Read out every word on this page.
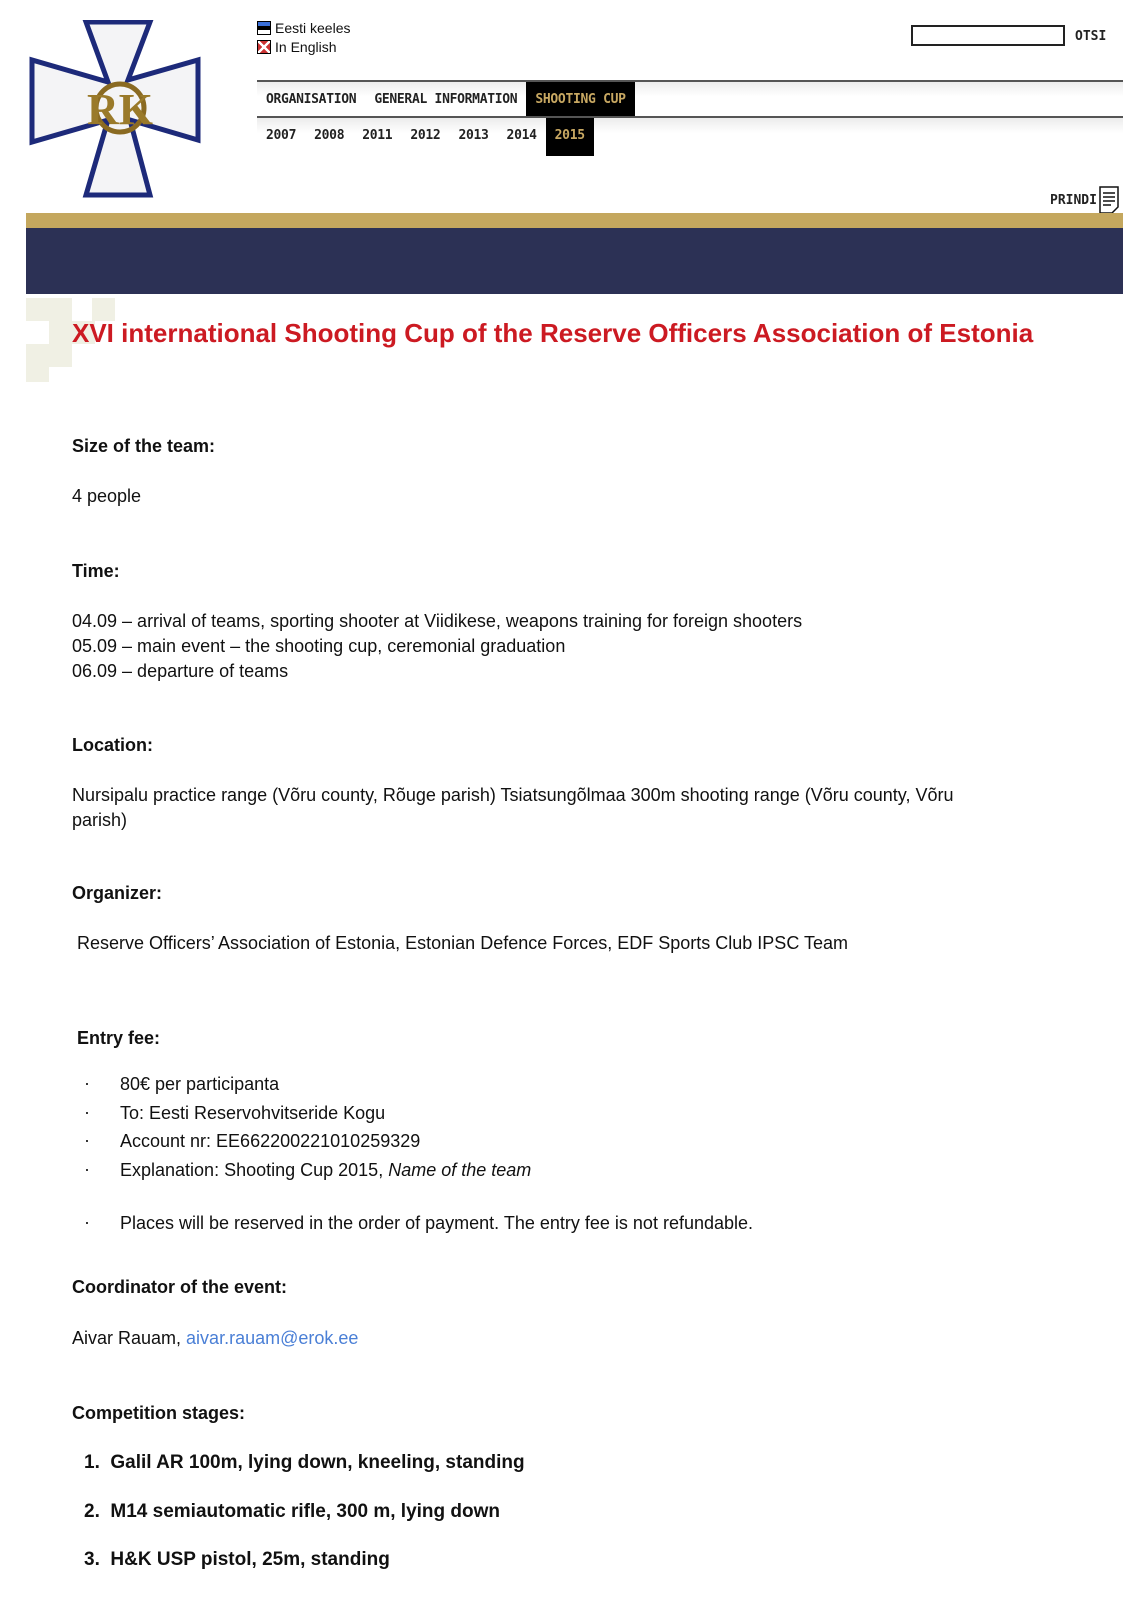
RK
Eesti keeles
In English
OTSI
ORGANISATION	GENERAL INFORMATION	SHOOTING CUP
2007	2008	2011	2012	2013	2014	2015
PRINDI
XVI international Shooting Cup of the Reserve Officers Association of Estonia
Size of the team:
4 people
Time:
04.09 – arrival of teams, sporting shooter at Viidikese, weapons training for foreign shooters
05.09 – main event – the shooting cup, ceremonial graduation
06.09 – departure of teams
Location:
Nursipalu practice range (Võru county, Rõuge parish) Tsiatsungõlmaa 300m shooting range (Võru county, Võru
parish)
Organizer:
Reserve Officers’ Association of Estonia, Estonian Defence Forces, EDF Sports Club IPSC Team
Entry fee:
· 80€ per participanta
· To: Eesti Reservohvitseride Kogu
· Account nr: EE662200221010259329
· Explanation: Shooting Cup 2015, Name of the team
· Places will be reserved in the order of payment. The entry fee is not refundable.
Coordinator of the event:
Aivar Rauam, aivar.rauam@erok.ee
Competition stages:
1.  Galil AR 100m, lying down, kneeling, standing
2.  M14 semiautomatic rifle, 300 m, lying down
3.  H&K USP pistol, 25m, standing
